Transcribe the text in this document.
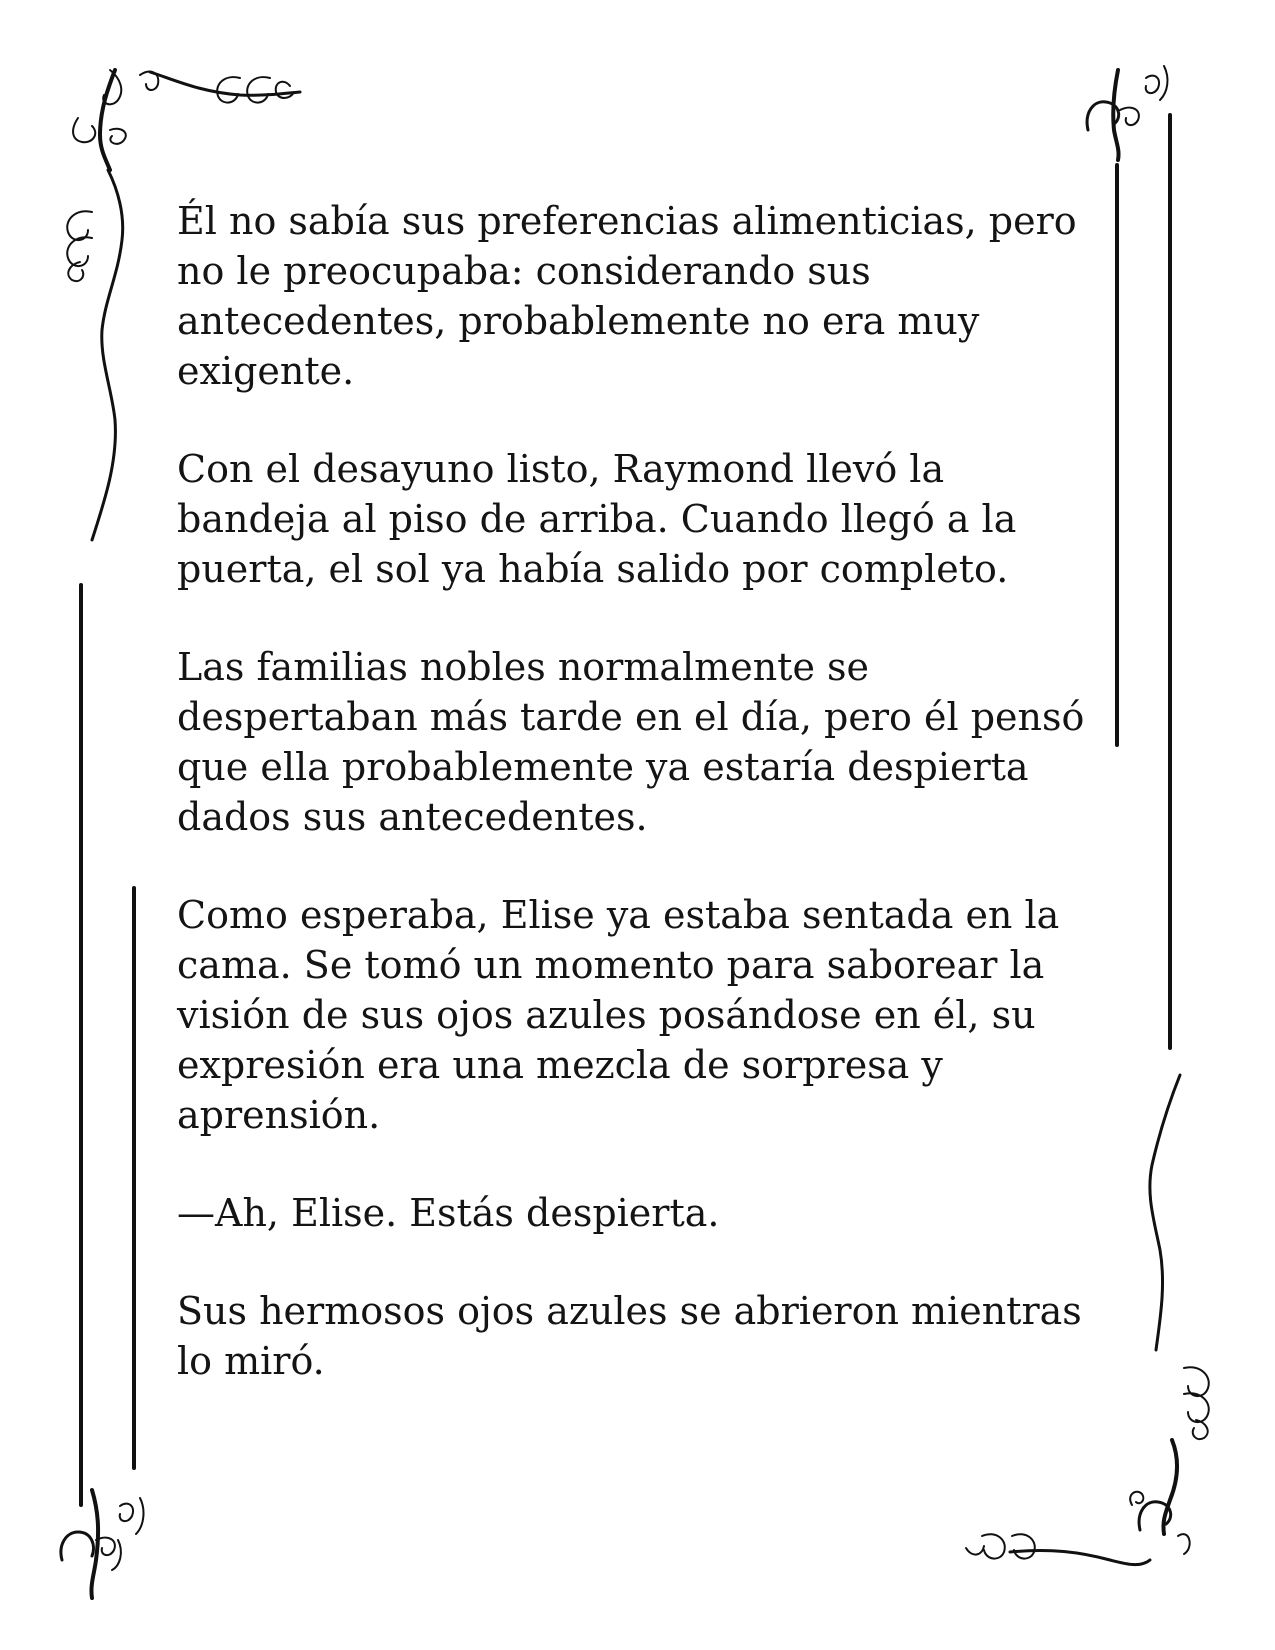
Él no sabía sus preferencias alimenticias, pero
no le preocupaba: considerando sus
antecedentes, probablemente no era muy
exigente.

Con el desayuno listo, Raymond llevó la
bandeja al piso de arriba. Cuando llegó a la
puerta, el sol ya había salido por completo.

Las familias nobles normalmente se
despertaban más tarde en el día, pero él pensó
que ella probablemente ya estaría despierta
dados sus antecedentes.

Como esperaba, Elise ya estaba sentada en la
cama. Se tomó un momento para saborear la
visión de sus ojos azules posándose en él, su
expresión era una mezcla de sorpresa y
aprensión.

—Ah, Elise. Estás despierta.

Sus hermosos ojos azules se abrieron mientras
lo miró.
